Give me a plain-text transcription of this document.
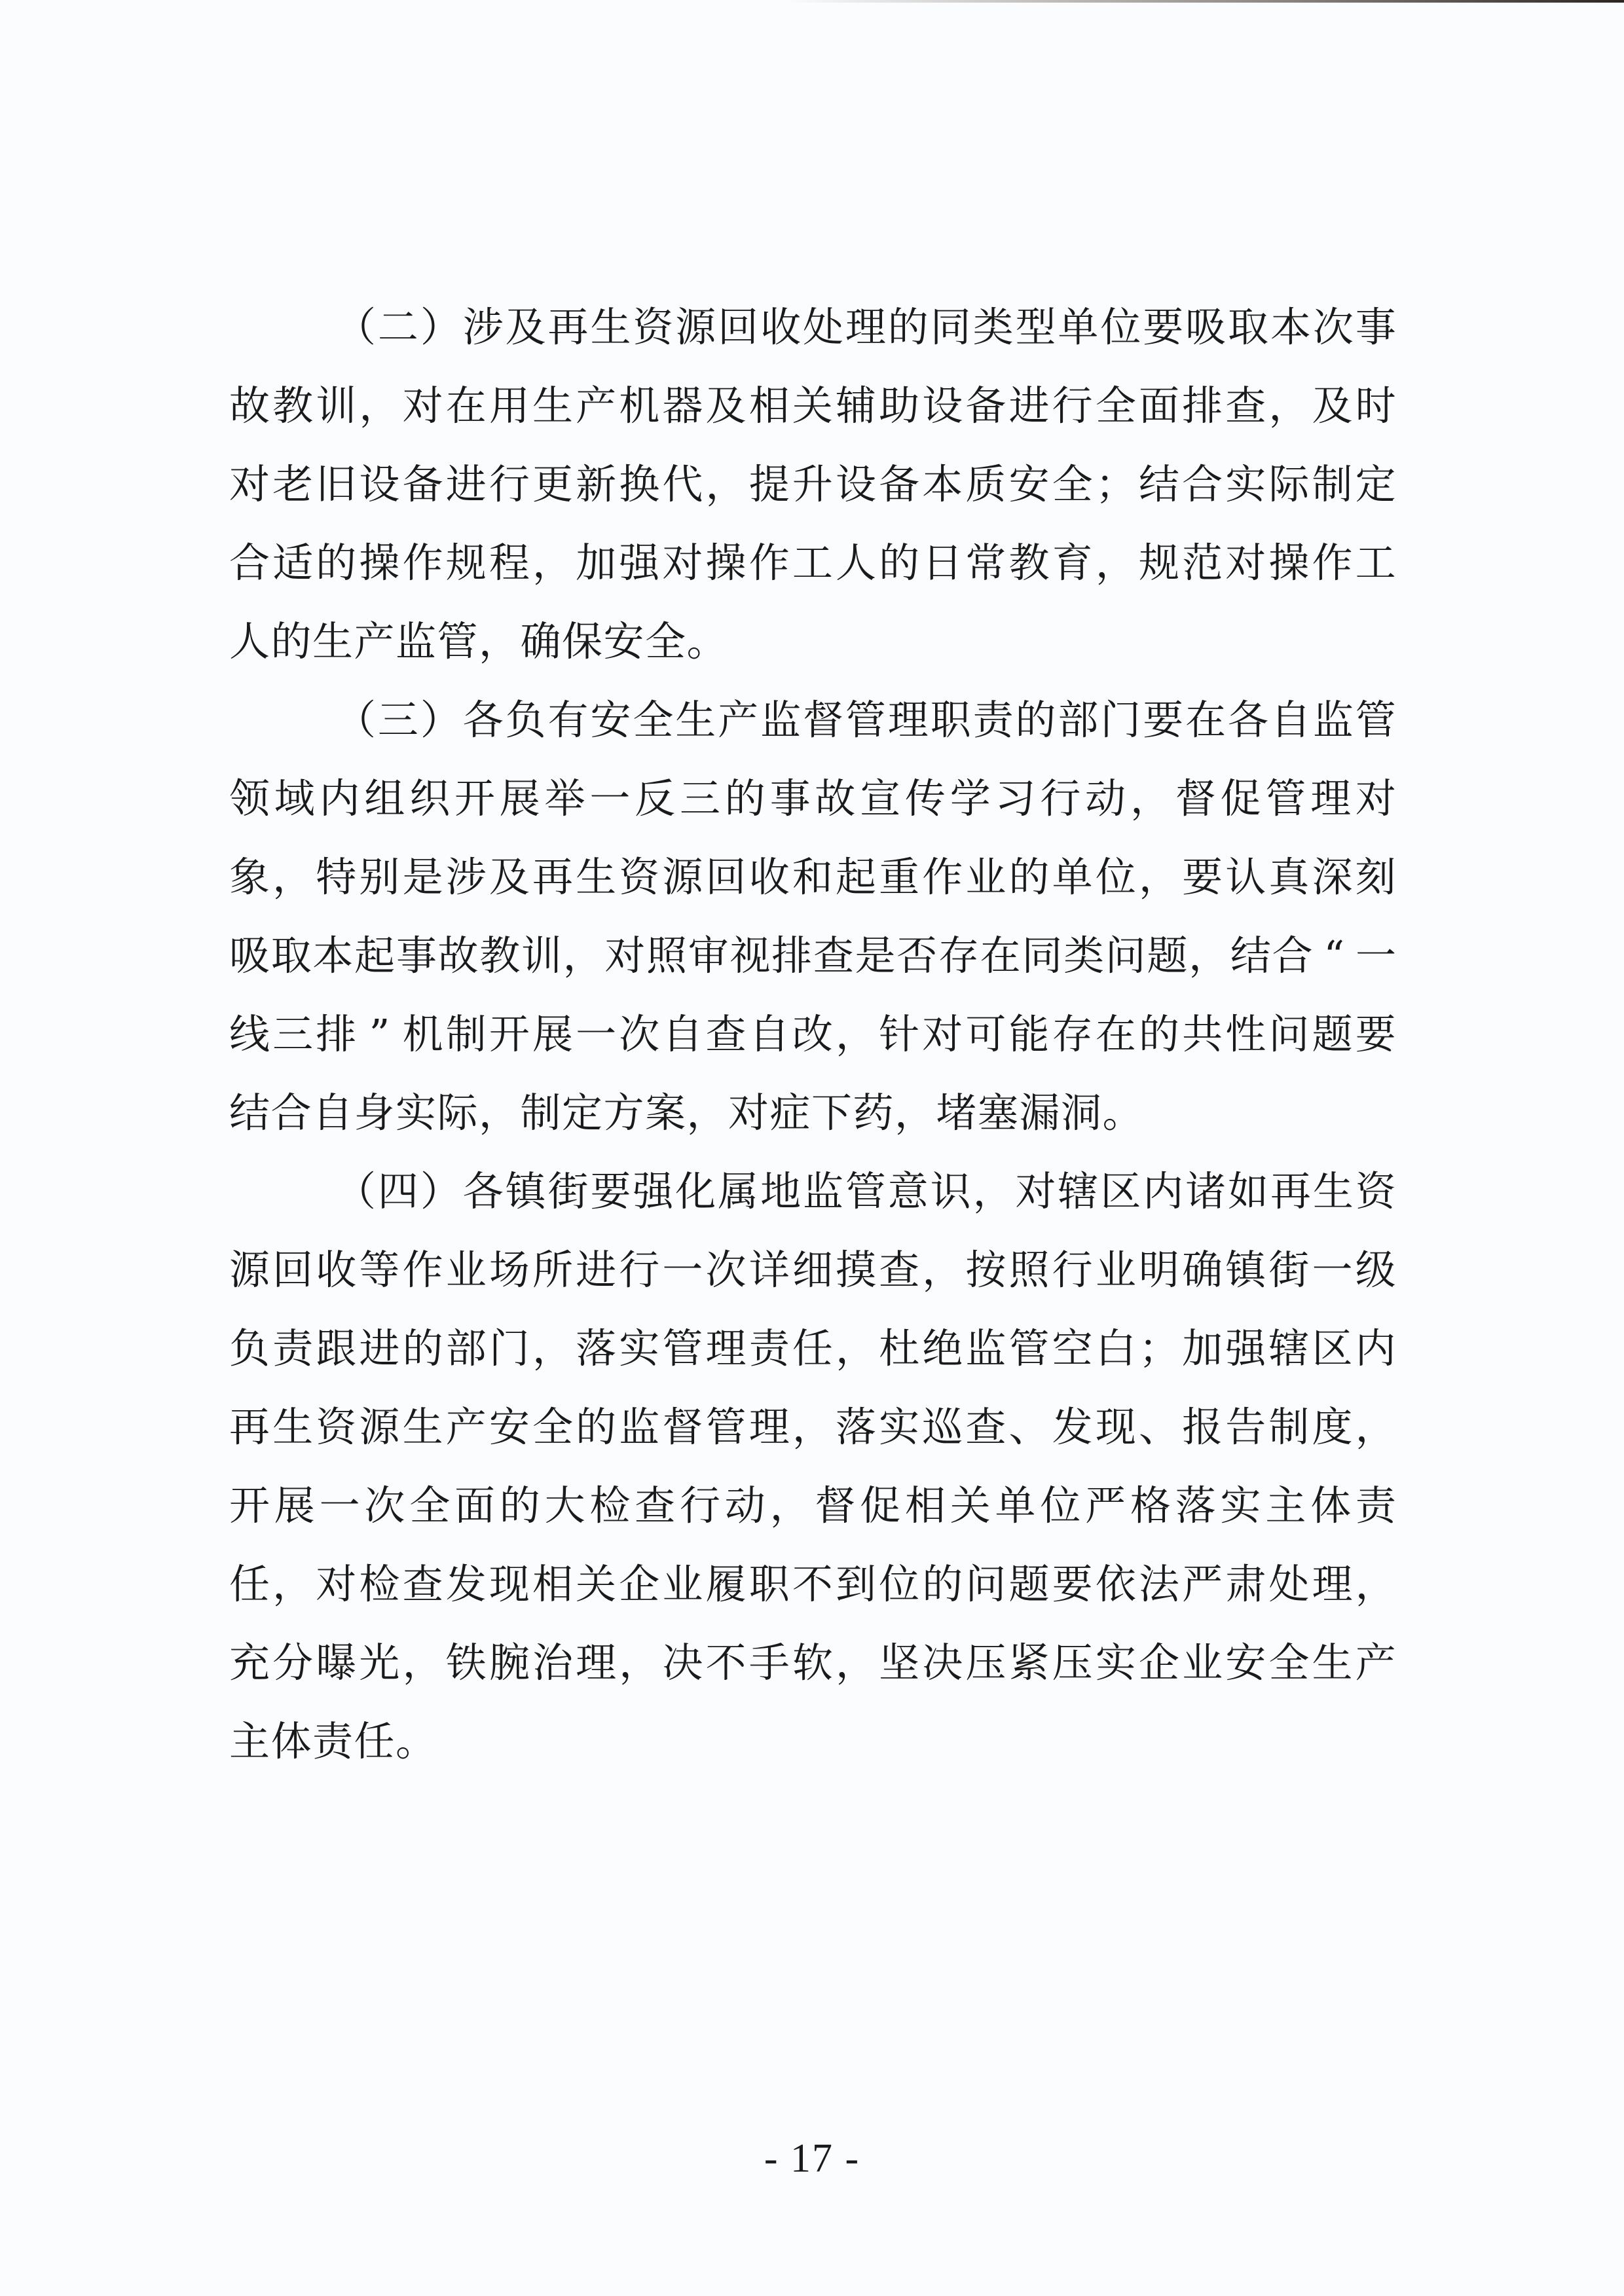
（ 二 ） 涉 及 再 生 资 源 回 收 处 理 的 同 类 型 单 位 要 吸 取 本 次 事
故 教 训 ， 对 在 用 生 产 机 器 及 相 关 辅 助 设 备 进 行 全 面 排 查 ， 及 时
对 老 旧 设 备 进 行 更 新 换 代 ， 提 升 设 备 本 质 安 全 ； 结 合 实 际 制 定
合 适 的 操 作 规 程 ， 加 强 对 操 作 工 人 的 日 常 教 育 ， 规 范 对 操 作 工
人 的 生 产 监 管 ， 确 保 安 全 。
（ 三 ） 各 负 有 安 全 生 产 监 督 管 理 职 责 的 部 门 要 在 各 自 监 管
领 域 内 组 织 开 展 举 一 反 三 的 事 故 宣 传 学 习 行 动 ， 督 促 管 理 对
象 ， 特 别 是 涉 及 再 生 资 源 回 收 和 起 重 作 业 的 单 位 ， 要 认 真 深 刻
吸 取 本 起 事 故 教 训 ， 对 照 审 视 排 查 是 否 存 在 同 类 问 题 ， 结 合 “ 一
线 三 排 ” 机 制 开 展 一 次 自 查 自 改 ， 针 对 可 能 存 在 的 共 性 问 题 要
结 合 自 身 实 际 ， 制 定 方 案 ， 对 症 下 药 ， 堵 塞 漏 洞 。
（ 四 ） 各 镇 街 要 强 化 属 地 监 管 意 识 ， 对 辖 区 内 诸 如 再 生 资
源 回 收 等 作 业 场 所 进 行 一 次 详 细 摸 查 ， 按 照 行 业 明 确 镇 街 一 级
负 责 跟 进 的 部 门 ， 落 实 管 理 责 任 ， 杜 绝 监 管 空 白 ； 加 强 辖 区 内
再 生 资 源 生 产 安 全 的 监 督 管 理 ， 落 实 巡 查 、 发 现 、 报 告 制 度 ，
开 展 一 次 全 面 的 大 检 查 行 动 ， 督 促 相 关 单 位 严 格 落 实 主 体 责
任 ， 对 检 查 发 现 相 关 企 业 履 职 不 到 位 的 问 题 要 依 法 严 肃 处 理 ，
充 分 曝 光 ， 铁 腕 治 理 ， 决 不 手 软 ， 坚 决 压 紧 压 实 企 业 安 全 生 产
主 体 责 任 。
- 17 -
